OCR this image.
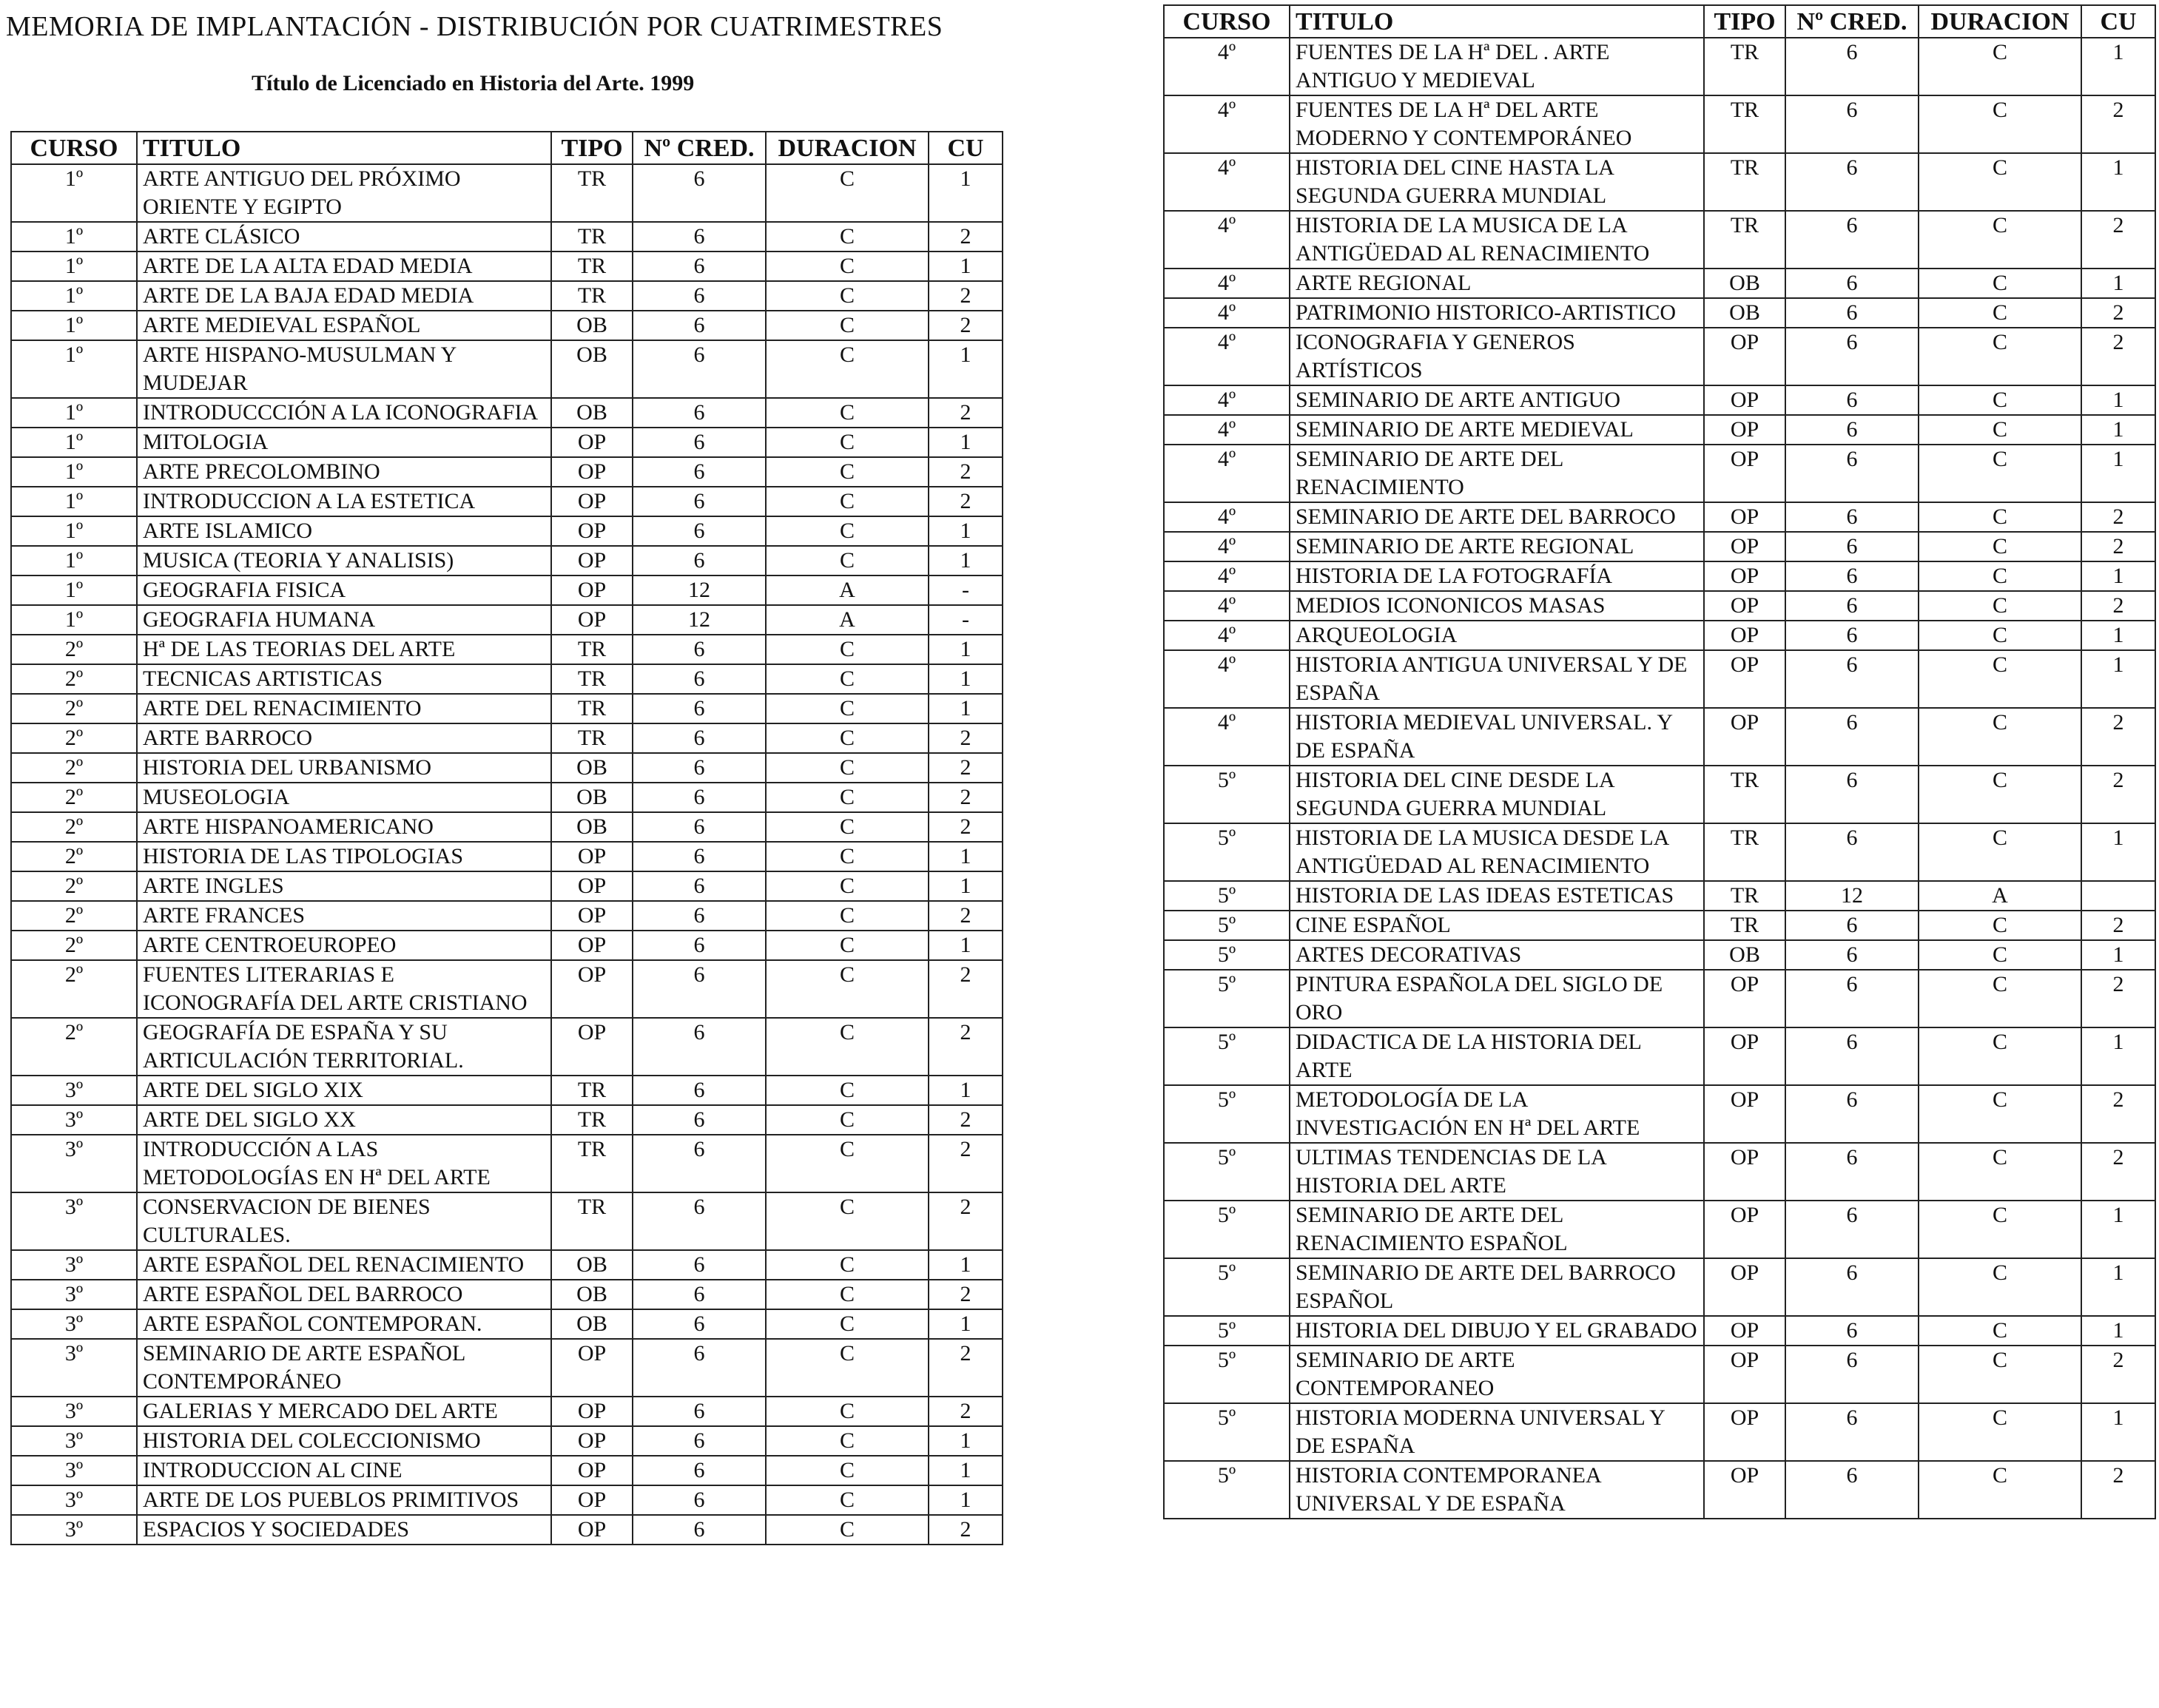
MEMORIA DE IMPLANTACIÓN - DISTRIBUCIÓN POR CUATRIMESTRES
Título de Licenciado en Historia del Arte. 1999
CURSO	TITULO	TIPO	Nº CRED.	DURACION	CU
1º	ARTE ANTIGUO DEL PRÓXIMO ORIENTE Y EGIPTO	TR	6	C	1
1º	ARTE CLÁSICO	TR	6	C	2
1º	ARTE DE LA ALTA EDAD MEDIA	TR	6	C	1
1º	ARTE DE LA BAJA EDAD MEDIA	TR	6	C	2
1º	ARTE MEDIEVAL ESPAÑOL	OB	6	C	2
1º	ARTE HISPANO-MUSULMAN Y MUDEJAR	OB	6	C	1
1º	INTRODUCCCIÓN A LA ICONOGRAFIA	OB	6	C	2
1º	MITOLOGIA	OP	6	C	1
1º	ARTE PRECOLOMBINO	OP	6	C	2
1º	INTRODUCCION A LA ESTETICA	OP	6	C	2
1º	ARTE ISLAMICO	OP	6	C	1
1º	MUSICA (TEORIA Y ANALISIS)	OP	6	C	1
1º	GEOGRAFIA FISICA	OP	12	A	-
1º	GEOGRAFIA HUMANA	OP	12	A	-
2º	Hª DE LAS TEORIAS DEL ARTE	TR	6	C	1
2º	TECNICAS ARTISTICAS	TR	6	C	1
2º	ARTE DEL RENACIMIENTO	TR	6	C	1
2º	ARTE BARROCO	TR	6	C	2
2º	HISTORIA DEL URBANISMO	OB	6	C	2
2º	MUSEOLOGIA	OB	6	C	2
2º	ARTE HISPANOAMERICANO	OB	6	C	2
2º	HISTORIA DE LAS TIPOLOGIAS	OP	6	C	1
2º	ARTE INGLES	OP	6	C	1
2º	ARTE FRANCES	OP	6	C	2
2º	ARTE CENTROEUROPEO	OP	6	C	1
2º	FUENTES LITERARIAS E ICONOGRAFÍA DEL ARTE CRISTIANO	OP	6	C	2
2º	GEOGRAFÍA DE ESPAÑA Y SU ARTICULACIÓN TERRITORIAL.	OP	6	C	2
3º	ARTE DEL SIGLO XIX	TR	6	C	1
3º	ARTE DEL SIGLO XX	TR	6	C	2
3º	INTRODUCCIÓN A LAS METODOLOGÍAS EN Hª DEL ARTE	TR	6	C	2
3º	CONSERVACION DE BIENES CULTURALES.	TR	6	C	2
3º	ARTE ESPAÑOL DEL RENACIMIENTO	OB	6	C	1
3º	ARTE ESPAÑOL DEL BARROCO	OB	6	C	2
3º	ARTE ESPAÑOL CONTEMPORAN.	OB	6	C	1
3º	SEMINARIO DE ARTE ESPAÑOL CONTEMPORÁNEO	OP	6	C	2
3º	GALERIAS Y MERCADO DEL ARTE	OP	6	C	2
3º	HISTORIA DEL COLECCIONISMO	OP	6	C	1
3º	INTRODUCCION AL CINE	OP	6	C	1
3º	ARTE DE LOS PUEBLOS PRIMITIVOS	OP	6	C	1
3º	ESPACIOS Y SOCIEDADES	OP	6	C	2
CURSO	TITULO	TIPO	Nº CRED.	DURACION	CU
4º	FUENTES DE LA Hª DEL . ARTE ANTIGUO Y MEDIEVAL	TR	6	C	1
4º	FUENTES DE LA Hª DEL ARTE MODERNO Y CONTEMPORÁNEO	TR	6	C	2
4º	HISTORIA DEL CINE HASTA LA SEGUNDA GUERRA MUNDIAL	TR	6	C	1
4º	HISTORIA DE LA MUSICA DE LA ANTIGÜEDAD AL RENACIMIENTO	TR	6	C	2
4º	ARTE REGIONAL	OB	6	C	1
4º	PATRIMONIO HISTORICO-ARTISTICO	OB	6	C	2
4º	ICONOGRAFIA Y GENEROS ARTÍSTICOS	OP	6	C	2
4º	SEMINARIO DE ARTE ANTIGUO	OP	6	C	1
4º	SEMINARIO DE ARTE MEDIEVAL	OP	6	C	1
4º	SEMINARIO DE ARTE DEL RENACIMIENTO	OP	6	C	1
4º	SEMINARIO DE ARTE DEL BARROCO	OP	6	C	2
4º	SEMINARIO DE ARTE REGIONAL	OP	6	C	2
4º	HISTORIA DE LA FOTOGRAFÍA	OP	6	C	1
4º	MEDIOS ICONONICOS MASAS	OP	6	C	2
4º	ARQUEOLOGIA	OP	6	C	1
4º	HISTORIA ANTIGUA UNIVERSAL Y DE ESPAÑA	OP	6	C	1
4º	HISTORIA MEDIEVAL UNIVERSAL. Y DE ESPAÑA	OP	6	C	2
5º	HISTORIA DEL CINE DESDE LA SEGUNDA GUERRA MUNDIAL	TR	6	C	2
5º	HISTORIA DE LA MUSICA DESDE LA ANTIGÜEDAD AL RENACIMIENTO	TR	6	C	1
5º	HISTORIA DE LAS IDEAS ESTETICAS	TR	12	A	
5º	CINE ESPAÑOL	TR	6	C	2
5º	ARTES DECORATIVAS	OB	6	C	1
5º	PINTURA ESPAÑOLA DEL SIGLO DE ORO	OP	6	C	2
5º	DIDACTICA DE LA HISTORIA DEL ARTE	OP	6	C	1
5º	METODOLOGÍA DE LA INVESTIGACIÓN EN Hª DEL ARTE	OP	6	C	2
5º	ULTIMAS TENDENCIAS DE LA HISTORIA DEL ARTE	OP	6	C	2
5º	SEMINARIO DE ARTE DEL RENACIMIENTO ESPAÑOL	OP	6	C	1
5º	SEMINARIO DE ARTE DEL BARROCO ESPAÑOL	OP	6	C	1
5º	HISTORIA DEL DIBUJO Y EL GRABADO	OP	6	C	1
5º	SEMINARIO DE ARTE CONTEMPORANEO	OP	6	C	2
5º	HISTORIA MODERNA UNIVERSAL Y DE ESPAÑA	OP	6	C	1
5º	HISTORIA CONTEMPORANEA UNIVERSAL Y DE ESPAÑA	OP	6	C	2
